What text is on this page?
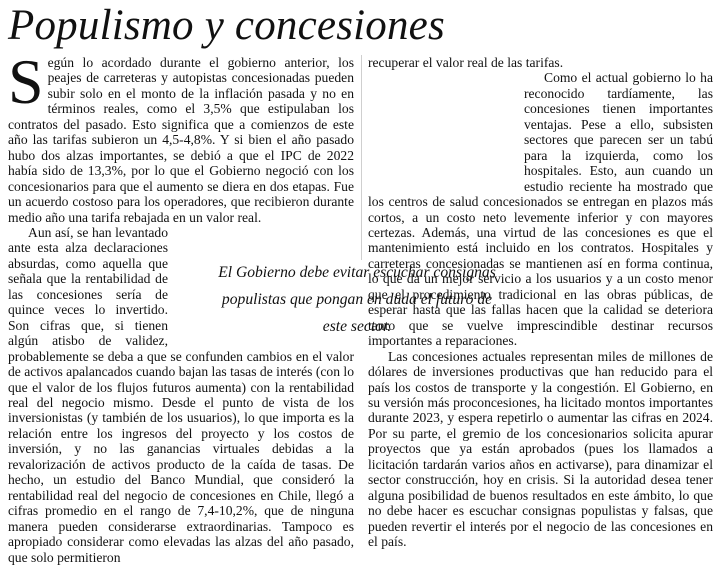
Populismo y concesiones

Según lo acordado durante el gobierno anterior, los peajes de carreteras y autopistas concesionadas pueden subir solo en el monto de la inflación pasada y no en términos reales, como el 3,5% que estipulaban los contratos del pasado. Esto significa que a comienzos de este año las tarifas subieron un 4,5-4,8%. Y si bien el año pasado hubo dos alzas importantes, se debió a que el IPC de 2022 había sido de 13,3%, por lo que el Gobierno negoció con los concesionarios para que el aumento se diera en dos etapas. Fue un acuerdo costoso para los operadores, que recibieron durante medio año una tarifa rebajada en un valor real.

Aun así, se han levantado ante esta alza declaraciones absurdas, como aquella que señala que la rentabilidad de las concesiones sería de quince veces lo invertido. Son cifras que, si tienen algún atisbo de validez, probablemente se deba a que se confunden cambios en el valor de activos apalancados cuando bajan las tasas de interés (con lo que el valor de los flujos futuros aumenta) con la rentabilidad real del negocio mismo. Desde el punto de vista de los inversionistas (y también de los usuarios), lo que importa es la relación entre los ingresos del proyecto y los costos de inversión, y no las ganancias virtuales debidas a la revalorización de activos producto de la caída de tasas. De hecho, un estudio del Banco Mundial, que consideró la rentabilidad real del negocio de concesiones en Chile, llegó a cifras promedio en el rango de 7,4-10,2%, que de ninguna manera pueden considerarse extraordinarias. Tampoco es apropiado considerar como elevadas las alzas del año pasado, que solo permitieron

recuperar el valor real de las tarifas.

Como el actual gobierno lo ha reconocido tardíamente, las concesiones tienen importantes ventajas. Pese a ello, subsisten sectores que parecen ser un tabú para la izquierda, como los hospitales. Esto, aun cuando un estudio reciente ha mostrado que los centros de salud concesionados se entregan en plazos más cortos, a un costo neto levemente inferior y con mayores certezas. Además, una virtud de las concesiones es que el mantenimiento está incluido en los contratos. Hospitales y carreteras concesionadas se mantienen así en forma continua, lo que da un mejor servicio a los usuarios y a un costo menor que el procedimiento tradicional en las obras públicas, de esperar hasta que las fallas hacen que la calidad se deteriora tanto que se vuelve imprescindible destinar recursos importantes a reparaciones.

Las concesiones actuales representan miles de millones de dólares de inversiones productivas que han reducido para el país los costos de transporte y la congestión. El Gobierno, en su versión más proconcesiones, ha licitado montos importantes durante 2023, y espera repetirlo o aumentar las cifras en 2024. Por su parte, el gremio de los concesionarios solicita apurar proyectos que ya están aprobados (pues los llamados a licitación tardarán varios años en activarse), para dinamizar el sector construcción, hoy en crisis. Si la autoridad desea tener alguna posibilidad de buenos resultados en este ámbito, lo que no debe hacer es escuchar consignas populistas y falsas, que pueden revertir el interés por el negocio de las concesiones en el país.

El Gobierno debe evitar escuchar consignas populistas que pongan en duda el futuro de este sector.
